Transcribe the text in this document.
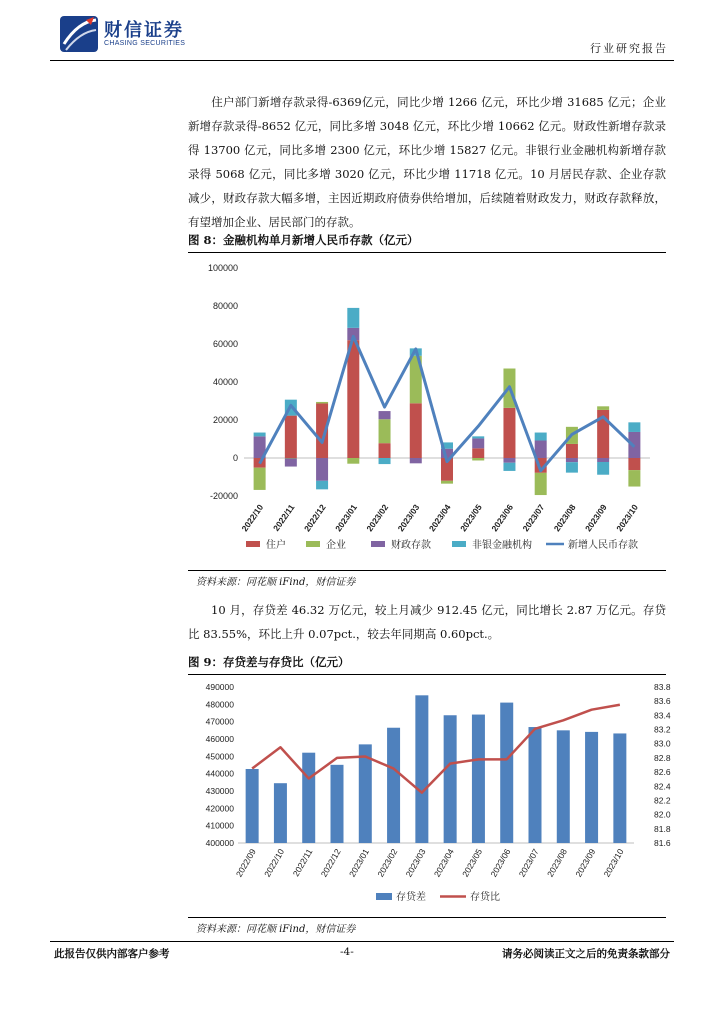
财信证券
CHASING SECURITIES	行业研究报告

住户部门新增存款录得-6369亿元，同比少增 1266 亿元，环比少增 31685 亿元；企业新增存款录得-8652 亿元，同比多增 3048 亿元，环比少增 10662 亿元。财政性新增存款录得 13700 亿元，同比多增 2300 亿元，环比少增 15827 亿元。非银行业金融机构新增存款录得 5068 亿元，同比多增 3020 亿元，环比少增 11718 亿元。10 月居民存款、企业存款减少，财政存款大幅多增，主因近期政府债券供给增加，后续随着财政发力，财政存款释放，有望增加企业、居民部门的存款。

图 8：金融机构单月新增人民币存款（亿元）
-20000
0
20000
40000
60000
80000
100000
2022/10 2022/11 2022/12 2023/01 2023/02 2023/03 2023/04 2023/05 2023/06 2023/07 2023/08 2023/09 2023/10
住户	企业	财政存款	非银金融机构	新增人民币存款
资料来源：同花顺 iFind，财信证券

10 月，存贷差 46.32 万亿元，较上月减少 912.45 亿元，同比增长 2.87 万亿元。存贷比 83.55%，环比上升 0.07pct.，较去年同期高 0.60pct.。

图 9：存贷差与存贷比（亿元）
400000
410000
420000
430000
440000
450000
460000
470000
480000
490000
81.6
81.8
82.0
82.2
82.4
82.6
82.8
83.0
83.2
83.4
83.6
83.8
2022/09 2022/10 2022/11 2022/12 2023/01 2023/02 2023/03 2023/04 2023/05 2023/06 2023/07 2023/08 2023/09 2023/10
存贷差	存贷比
资料来源：同花顺 iFind，财信证券
此报告仅供内部客户参考	-4-	请务必阅读正文之后的免责条款部分
